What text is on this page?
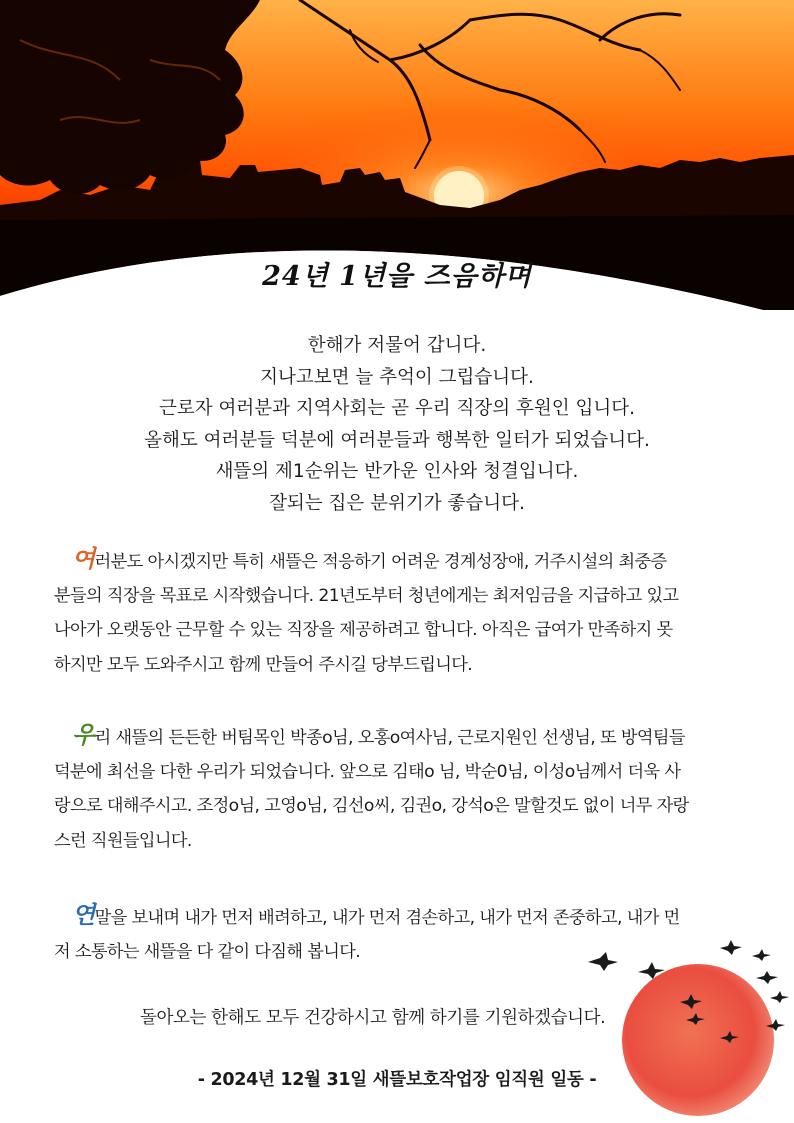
24년 1년을 즈음하며
한해가 저물어 갑니다.
지나고보면 늘 추억이 그립습니다.
근로자 여러분과 지역사회는 곧 우리 직장의 후원인 입니다.
올해도 여러분들 덕분에 여러분들과 행복한 일터가 되었습니다.
새뜰의 제1순위는 반가운 인사와 청결입니다.
잘되는 집은 분위기가 좋습니다.
여러분도 아시겠지만 특히 새뜰은 적응하기 어려운 경계성장애, 거주시설의 최중증
분들의 직장을 목표로 시작했습니다. 21년도부터 청년에게는 최저임금을 지급하고 있고
나아가 오랫동안 근무할 수 있는 직장을 제공하려고 합니다. 아직은 급여가 만족하지 못
하지만 모두 도와주시고 함께 만들어 주시길 당부드립니다.
우리 새뜰의 든든한 버팀목인 박종o님, 오홍o여사님, 근로지원인 선생님, 또 방역팀들
덕분에 최선을 다한 우리가 되었습니다. 앞으로 김태o 님, 박순0님, 이성o님께서 더욱 사
랑으로 대해주시고. 조정o님, 고영o님, 김선o씨, 김권o, 강석o은 말할것도 없이 너무 자랑
스런 직원들입니다.
연말을 보내며 내가 먼저 배려하고, 내가 먼저 겸손하고, 내가 먼저 존중하고, 내가 먼
저 소통하는 새뜰을 다 같이 다짐해 봅니다.
돌아오는 한해도 모두 건강하시고 함께 하기를 기원하겠습니다.
- 2024년 12월 31일 새뜰보호작업장 임직원 일동 -
